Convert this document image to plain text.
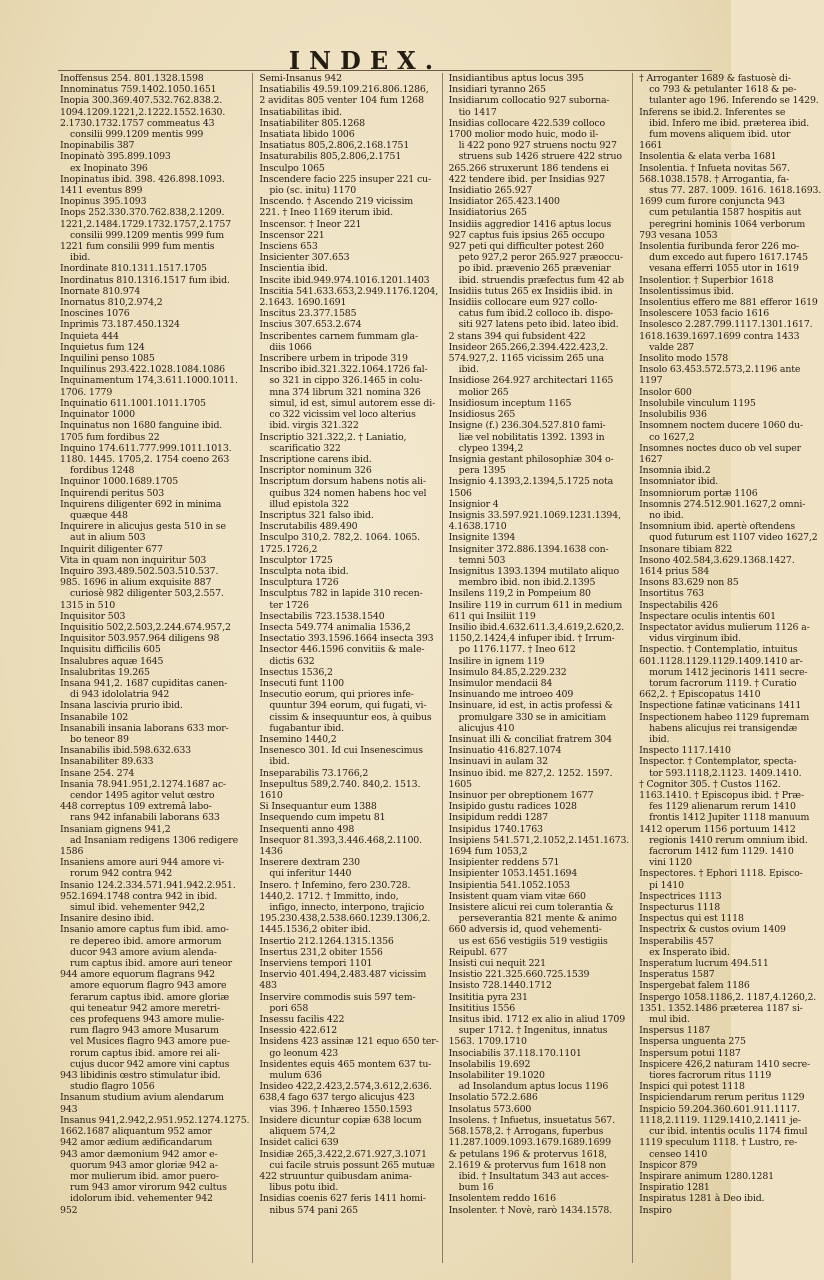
INDEX.
Inoffensus 254. 801.1328.1598
Innominatus 759.1402.1050.1651
Inopia 300.369.407.532.762.838.2.
1094.1209.1221,2.1222.1552.1630.
2.1730.1732.1757 commeatus 43
consilii 999.1209 mentis 999
Inopinabilis 387
Inopinatò 395.899.1093
ex Inopinato 396
Inopinatus ibid. 398. 426.898.1093.
1411 eventus 899
Inopinus 395.1093
Inops 252.330.370.762.838,2.1209.
1221,2.1484.1729.1732.1757,2.1757
consilii 999.1209 mentis 999 fum
1221 fum consilii 999 fum mentis
ibid.
Inordinate 810.1311.1517.1705
Inordinatus 810.1316.1517 fum ibid.
Inornate 810.974
Inornatus 810,2.974,2
Inoscines 1076
Inprimis 73.187.450.1324
Inquieta 444
Inquietus fum 124
Inquilini penso 1085
Inquilinus 293.422.1028.1084.1086
Inquinamentum 174,3.611.1000.1011.
1706. 1779
Inquinatio 611.1001.1011.1705
Inquinator 1000
Inquinatus non 1680 fanguine ibid.
1705 fum fordibus 22
Inquino 174.611.777.999.1011.1013.
1180. 1445. 1705,2. 1754 coeno 263
fordibus 1248
Inquinor 1000.1689.1705
Inquirendi peritus 503
Inquirens diligenter 692 in minima
quæque 448
Inquirere in alicujus gesta 510 in se
aut in alium 503
Inquirit diligenter 677
Vita in quam non inquiritur 503
Inquiro 393.489.502.503.510.537.
985. 1696 in alium exquisite 887
curiosè 982 diligenter 503,2.557.
1315 in 510
Inquisitor 503
Inquisitio 502,2.503,2.244.674.957,2
Inquisitor 503.957.964 diligens 98
Inquisitu difficilis 605
Insalubres aquæ 1645
Insalubritas 19.265
Insana 941,2. 1687 cupiditas canen-
di 943 idololatria 942
Insana lascivia prurio ibid.
Insanabile 102
Insanabili insania laborans 633 mor-
bo teneor 89
Insanabilis ibid.598.632.633
Insanabiliter 89.633
Insane 254. 274
Insania 78.941.951,2.1274.1687 ac-
cendor 1495 agitor velut œstro
448 correptus 109 extremâ labo-
rans 942 infanabili laborans 633
Insaniam gignens 941,2
ad Insaniam redigens 1306 redigere
1586
Insaniens amore auri 944 amore vi-
rorum 942 contra 942
Insanio 124.2.334.571.941.942.2.951.
952.1694.1748 contra 942 in ibid.
simul ibid. vehementer 942,2
Insanire desino ibid.
Insanio amore captus fum ibid. amo-
re depereo ibid. amore armorum
ducor 943 amore avium alenda-
rum captus ibid. amore auri teneor
944 amore equorum flagrans 942
amore equorum flagro 943 amore
ferarum captus ibid. amore gloriæ
qui teneatur 942 amore meretri-
ces profequens 943 amore mulie-
rum flagro 943 amore Musarum
vel Musices flagro 943 amore pue-
rorum captus ibid. amore rei ali-
cujus ducor 942 amore vini captus
943 libidinis œstro stimulatur ibid.
studio flagro 1056
Insanum studium avium alendarum
943
Insanus 941,2.942,2.951.952.1274.1275.
1662.1687 aliquantum 952 amor
942 amor ædium ædificandarum
943 amor dæmonium 942 amor e-
quorum 943 amor gloriæ 942 a-
mor mulierum ibid. amor puero-
rum 943 amor virorum 942 cultus
idolorum ibid. vehementer 942
952
Semi-Insanus 942
Insatiabilis 49.59.109.216.806.1286,
2 aviditas 805 venter 104 fum 1268
Insatiabilitas ibid.
Insatiabiliter 805.1268
Insatiata libido 1006
Insatiatus 805,2.806,2.168.1751
Insaturabilis 805,2.806,2.1751
Insculpo 1065
Inscendere facio 225 insuper 221 cu-
pio (sc. initu) 1170
Inscendo. † Ascendo 219 vicissim
221. † Ineo 1169 iterum ibid.
Inscensor. † Ineor 221
Inscensor 221
Insciens 653
Insicienter 307.653
Inscientia ibid.
Inscite ibid.949.974.1016.1201.1403
Inscitia 541.633.653,2.949.1176.1204,
2.1643. 1690.1691
Inscitus 23.377.1585
Inscius 307.653.2.674
Inscribentes carnem fummam gla-
diis 1066
Inscribere urbem in tripode 319
Inscribo ibid.321.322.1064.1726 fal-
so 321 in cippo 326.1465 in colu-
mna 374 librum 321 nomina 326
simul, id est, simul autorem esse di-
co 322 vicissim vel loco alterius
ibid. virgis 321.322
Inscriptio 321.322,2. † Laniatio,
scarificatio 322
Inscriptione carens ibid.
Inscriptor nominum 326
Inscriptum dorsum habens notis ali-
quibus 324 nomen habens hoc vel
illud epistola 322
Inscriptus 321 falso ibid.
Inscrutabilis 489.490
Insculpo 310,2. 782,2. 1064. 1065.
1725.1726,2
Insculptor 1725
Insculpta nota ibid.
Insculptura 1726
Insculptus 782 in lapide 310 recen-
ter 1726
Insectabilis 723.1538.1540
Insecta 549.774 animalia 1536,2
Insectatio 393.1596.1664 insecta 393
Insector 446.1596 convitiis & male-
dictis 632
Insectus 1536,2
Insecuti funt 1100
Insecutio eorum, qui priores infe-
quuntur 394 eorum, qui fugati, vi-
cissim & insequuntur eos, à quibus
fugabantur ibid.
Insemino 1440,2
Insenesco 301. Id cui Insenescimus
ibid.
Inseparabilis 73.1766,2
Insepultus 589,2.740. 840,2. 1513.
1610
Si Insequantur eum 1388
Insequendo cum impetu 81
Insequenti anno 498
Insequor 81.393,3.446.468,2.1100.
1436
Inserere dextram 230
qui inferitur 1440
Insero. † Infemino, fero 230.728.
1440,2. 1712. † Immitto, indo,
infigo, innecto, interpono, trajicio
195.230.438,2.538.660.1239.1306,2.
1445.1536,2 obiter ibid.
Insertio 212.1264.1315.1356
Insertus 231,2 obiter 1556
Inserviens tempori 1101
Inservio 401.494,2.483.487 vicissim
483
Inservire commodis suis 597 tem-
pori 658
Insessu facilis 422
Insessio 422.612
Insidens 423 assinæ 121 equo 650 ter-
go leonum 423
Insidentes equis 465 montem 637 tu-
mulum 636
Insideo 422,2.423,2.574,3.612,2.636.
638,4 fago 637 tergo alicujus 423
vias 396. † Inhæreo 1550.1593
Insidere dicuntur copiæ 638 locum
aliquem 574,2
Insidet calici 639
Insidiæ 265,3.422,2.671.927,3.1071
cui facile struis possunt 265 mutuæ
422 struuntur quibusdam anima-
libus potu ibid.
Insidias coenis 627 feris 1411 homi-
nibus 574 pani 265
Insidiantibus aptus locus 395
Insidiari tyranno 265
Insidiarum collocatio 927 suborna-
tio 1417
Insidias collocare 422.539 colloco
1700 molior modo huic, modo il-
li 422 pono 927 struens noctu 927
struens sub 1426 struere 422 struo
265.266 struxerunt 186 tendens ei
422 tendere ibid. per Insidias 927
Insidiatio 265.927
Insidiator 265.423.1400
Insidiatorius 265
Insidiis aggredior 1416 aptus locus
927 captus fuis ipsius 265 occupo
927 peti qui difficulter potest 260
peto 927,2 peror 265.927 præoccu-
po ibid. prævenio 265 præveniar
ibid. struendis præfectus fum 42 ab
Insidiis tutus 265 ex Insidiis ibid. in
Insidiis collocare eum 927 collo-
catus fum ibid.2 colloco ib. dispo-
siti 927 latens peto ibid. lateo ibid.
2 stans 394 qui fubsident 422
Insideor 265.266,2.394.422.423,2.
574.927,2. 1165 vicissim 265 una
ibid.
Insidiose 264.927 architectari 1165
molior 265
Insidiosum inceptum 1165
Insidiosus 265
Insigne (f.) 236.304.527.810 fami-
liæ vel nobilitatis 1392. 1393 in
clypeo 1394,2
Insignia gestant philosophiæ 304 o-
pera 1395
Insignio 4.1393,2.1394,5.1725 nota
1506
Insignior 4
Insignis 33.597.921.1069.1231.1394,
4.1638.1710
Insignite 1394
Insigniter 372.886.1394.1638 con-
temni 503
Insignitus 1393.1394 mutilato aliquo
membro ibid. non ibid.2.1395
Insilens 119,2 in Pompeium 80
Insilire 119 in currum 611 in medium
611 qui Insiliit 119
Insilio ibid.4.632.611.3,4.619,2.620,2.
1150,2.1424,4 infuper ibid. † Irrum-
po 1176.1177. † Ineo 612
Insilire in ignem 119
Insimulo 84.85,2.229.232
Insimulor mendacii 84
Insinuando me introeo 409
Insinuare, id est, in actis professi &
promulgare 330 se in amicitiam
alicujus 410
Insinuat illi & conciliat fratrem 304
Insinuatio 416.827.1074
Insinuavi in aulam 32
Insinuo ibid. me 827,2. 1252. 1597.
1605
Insinuor per obreptionem 1677
Insipido gustu radices 1028
Insipidum reddi 1287
Insipidus 1740.1763
Insipiens 541.571,2.1052,2.1451.1673.
1694 fum 1053,2
Insipienter reddens 571
Insipienter 1053.1451.1694
Insipientia 541.1052.1053
Insistent quam viam vitæ 660
Insistere alicui rei cum tolerantia &
perseverantia 821 mente & animo
660 adversis id, quod vehementi-
us est 656 vestigiis 519 vestigiis
Reipubl. 677
Insisti cui nequit 221
Insistio 221.325.660.725.1539
Insisto 728.1440.1712
Insititia pyra 231
Insititius 1556
Insitus ibid. 1712 ex alio in aliud 1709
super 1712. † Ingenitus, innatus
1563. 1709.1710
Insociabilis 37.118.170.1101
Insolabilis 19.692
Insolabiliter 19.1020
ad Insolandum aptus locus 1196
Insolatio 572.2.686
Insolatus 573.600
Insolens. † Infuetus, insuetatus 567.
568.1578,2. † Arrogans, fuperbus
11.287.1009.1093.1679.1689.1699
& petulans 196 & protervus 1618,
2.1619 & protervus fum 1618 non
ibid. † Insultatum 343 aut acces-
bum 16
Insolentem reddo 1616
Insolenter. † Novè, rarò 1434.1578.
† Arroganter 1689 & fastuosè di-
co 793 & petulanter 1618 & pe-
tulanter ago 196. Inferendo se 1429.
Inferens se ibid.2. Inferentes se
ibid. Infero me ibid. præterea ibid.
fum movens aliquem ibid. utor
1661
Insolentia & elata verba 1681
Insolentia. † Infueta novitas 567.
568.1038.1578. † Arrogantia, fa-
stus 77. 287. 1009. 1616. 1618.1693.
1699 cum furore conjuncta 943
cum petulantia 1587 hospitis aut
peregrini hominis 1064 verborum
793 vesana 1053
Insolentia furibunda feror 226 mo-
dum excedo aut fupero 1617.1745
vesana efferri 1055 utor in 1619
Insolentior. † Superbior 1618
Insolentissimus ibid.
Insolentius effero me 881 efferor 1619
Insolescere 1053 facio 1616
Insolesco 2.287.799.1117.1301.1617.
1618.1639.1697.1699 contra 1433
valde 287
Insolito modo 1578
Insolo 63.453.572.573,2.1196 ante
1197
Insolor 600
Insolubile vinculum 1195
Insolubilis 936
Insomnem noctem ducere 1060 du-
co 1627,2
Insomnes noctes duco ob vel super
1627
Insomnia ibid.2
Insomniator ibid.
Insomniorum portæ 1106
Insomnis 274.512.901.1627,2 omni-
no ibid.
Insomnium ibid. apertè oftendens
quod futurum est 1107 video 1627,2
Insonare tibiam 822
Insono 402.584,3.629.1368.1427.
1614 prius 584
Insons 83.629 non 85
Insortitus 763
Inspectabilis 426
Inspectare oculis intentis 601
Inspectator avidus mulierum 1126 a-
vidus virginum ibid.
Inspectio. † Contemplatio, intuitus
601.1128.1129.1129.1409.1410 ar-
morum 1412 jecinoris 1411 secre-
torum facrorum 1119. † Curatio
662,2. † Episcopatus 1410
Inspectione fatinæ vaticinans 1411
Inspectionem habeo 1129 fupremam
habens alicujus rei transigendæ
ibid.
Inspecto 1117.1410
Inspector. † Contemplator, specta-
tor 593.1118,2.1123. 1409.1410.
† Cognitor 305. † Custos 1162.
1163.1410. † Episcopus ibid. † Præ-
fes 1129 alienarum rerum 1410
frontis 1412 Jupiter 1118 manuum
1412 operum 1156 portuum 1412
regionis 1410 rerum omnium ibid.
facrorum 1412 fum 1129. 1410
vini 1120
Inspectores. † Ephori 1118. Episco-
pi 1410
Inspectrices 1113
Inspecturus 1118
Inspectus qui est 1118
Inspectrix & custos ovium 1409
Insperabilis 457
ex Insperato ibid.
Insperatum lucrum 494.511
Insperatus 1587
Inspergebat falem 1186
Inspergo 1058.1186,2. 1187,4.1260,2.
1351. 1352.1486 præterea 1187 si-
mul ibid.
Inspersus 1187
Inspersa unguenta 275
Inspersum potui 1187
Inspicere 426,2 naturam 1410 secre-
tiores facrorum ritus 1119
Inspici qui potest 1118
Inspiciendarum rerum peritus 1129
Inspicio 59.204.360.601.911.1117.
1118,2.1119. 1129.1410,2.1411 je-
cur ibid. intentis oculis 1174 fimul
1119 speculum 1118. † Lustro, re-
censeo 1410
Inspicor 879
Inspirare animum 1280.1281
Inspiratio 1281
Inspiratus 1281 à Deo ibid.
Inspiro
